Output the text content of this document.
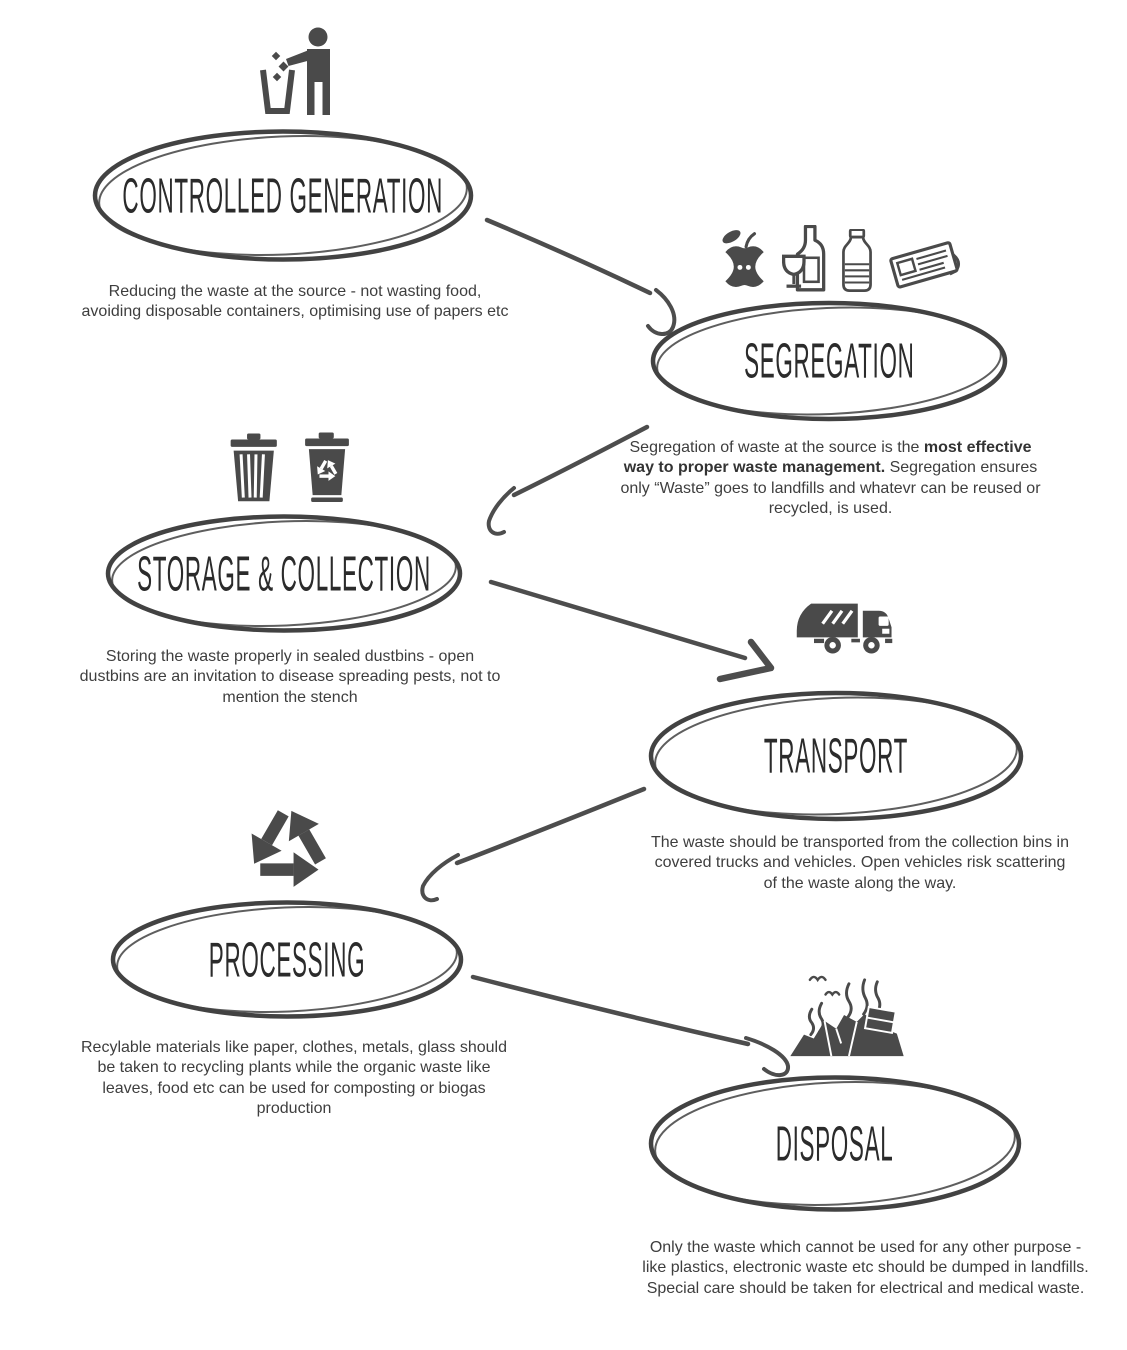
CONTROLLED GENERATION

Reducing the waste at the source - not wasting food, avoiding disposable containers, optimising use of papers etc

SEGREGATION

Segregation of waste at the source is the most effective way to proper waste management. Segregation ensures only “Waste” goes to landfills and whatevr can be reused or recycled, is used.

STORAGE & COLLECTION

Storing the waste properly in sealed dustbins - open dustbins are an invitation to disease spreading pests, not to mention the stench

TRANSPORT

The waste should be transported from the collection bins in covered trucks and vehicles. Open vehicles risk scattering of the waste along the way.

PROCESSING

Recylable materials like paper, clothes, metals, glass should be taken to recycling plants while the organic waste like leaves, food etc can be used for composting or biogas production

DISPOSAL

Only the waste which cannot be used for any other purpose - like plastics, electronic waste etc should be dumped in landfills. Special care should be taken for electrical and medical waste.
